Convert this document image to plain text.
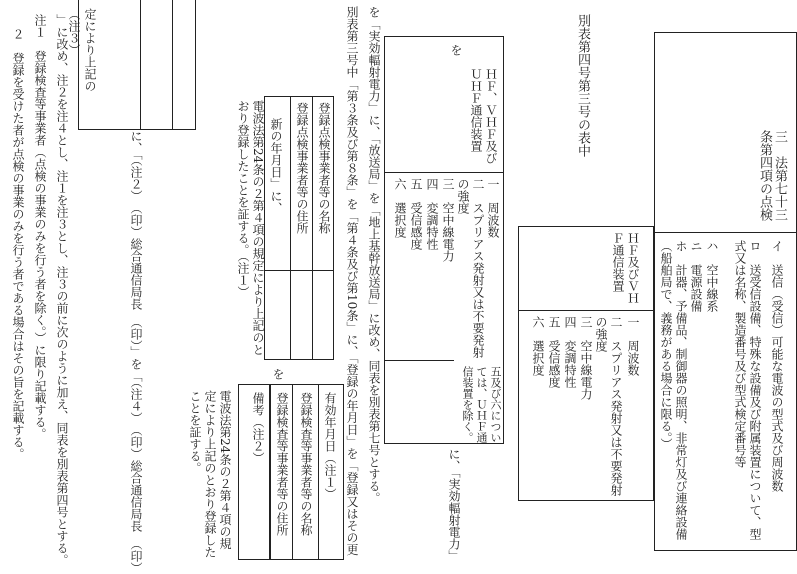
三　法第七十三条第四項の点検
イ　送信（受信）可能な電波の型式及び周波数
ロ　送受信設備、特殊な設備及び附属装置について、型式又は名称、製造番号及び型式検定番号等
ハ　空中線系
ニ　電源設備
ホ　計器、予備品、制御器の照明、非常灯及び連絡設備（船舶局で、義務がある場合に限る。）
別表第四号第三号の表中
ＨＦ及びＶＨＦ通信装置
一　周波数
二　スプリアス発射又は不要発射の強度
三　空中線電力
四　変調特性
五　受信感度
六　選択度
に、「実効輻射電力」
を
ＨＦ、ＶＨＦ及びＵＨＦ通信装置
一　周波数
二　スプリアス発射又は不要発射の強度
三　空中線電力
四　変調特性
五　受信感度
六　選択度
五及び六については、ＵＨＦ通信装置を除く。
を「実効輻射電力」に、「放送局」を「地上基幹放送局」に改め、同表を別表第七号とする。
別表第三号中「第３条及び第８条」を「第４条及び第10条」に、「登録の年月日」を「登録又はその更
新の年月日」に、	登録点検事業者等の名称
登録点検事業者等の住所
電波法第24条の２第４項の規定により上記のとおり登録したことを証する。（注１）
を
有効年月日（注１）
登録検査等事業者等の名称
登録検査等事業者等の住所
備考（注２）
電波法第24条の２第４項の規定により上記のとおり登録したことを証する。
に、「（注２）　（印）総合通信局長　（印）」を「（注４）　（印）総合通信局長　（印）
」に改め、注２を注４とし、注１を注３とし、注３の前に次のように加え、同表を別表第四号とする。
注１　登録検査等事業者（点検の事業のみを行う者を除く。）に限り記載する。
２　登録を受けた者が点検の事業のみを行う者である場合はその旨を記載する。	定により上記の
（注３）
